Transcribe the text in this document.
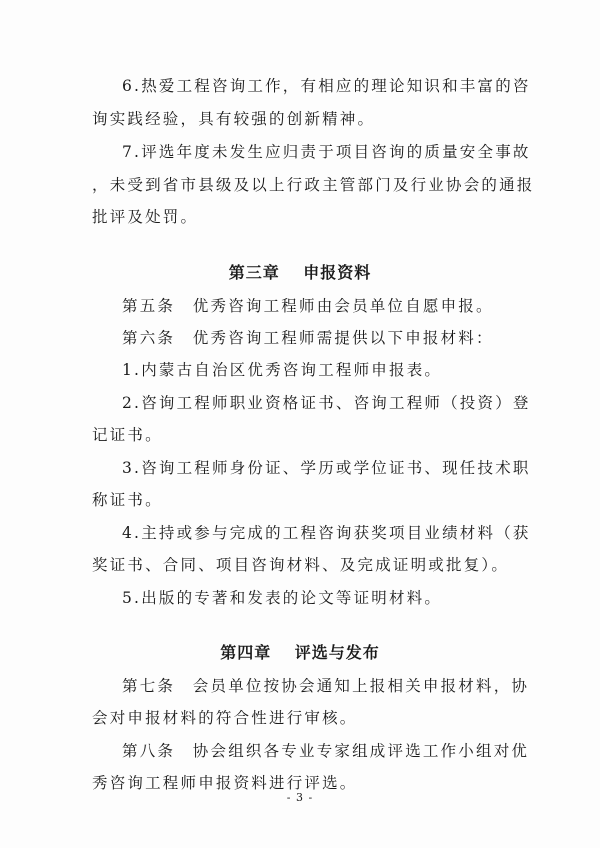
6.热爱工程咨询工作，有相应的理论知识和丰富的咨
询实践经验，具有较强的创新精神。
7.评选年度未发生应归责于项目咨询的质量安全事故
，未受到省市县级及以上行政主管部门及行业协会的通报
批评及处罚。
第三章　 申报资料
第五条　优秀咨询工程师由会员单位自愿申报。
第六条　优秀咨询工程师需提供以下申报材料：
1.内蒙古自治区优秀咨询工程师申报表。
2.咨询工程师职业资格证书、咨询工程师（投资）登
记证书。
3.咨询工程师身份证、学历或学位证书、现任技术职
称证书。
4.主持或参与完成的工程咨询获奖项目业绩材料（获
奖证书、合同、项目咨询材料、及完成证明或批复）。
5.出版的专著和发表的论文等证明材料。
第四章　 评选与发布
第七条　会员单位按协会通知上报相关申报材料，协
会对申报材料的符合性进行审核。
第八条　协会组织各专业专家组成评选工作小组对优
秀咨询工程师申报资料进行评选。
- 3 -
